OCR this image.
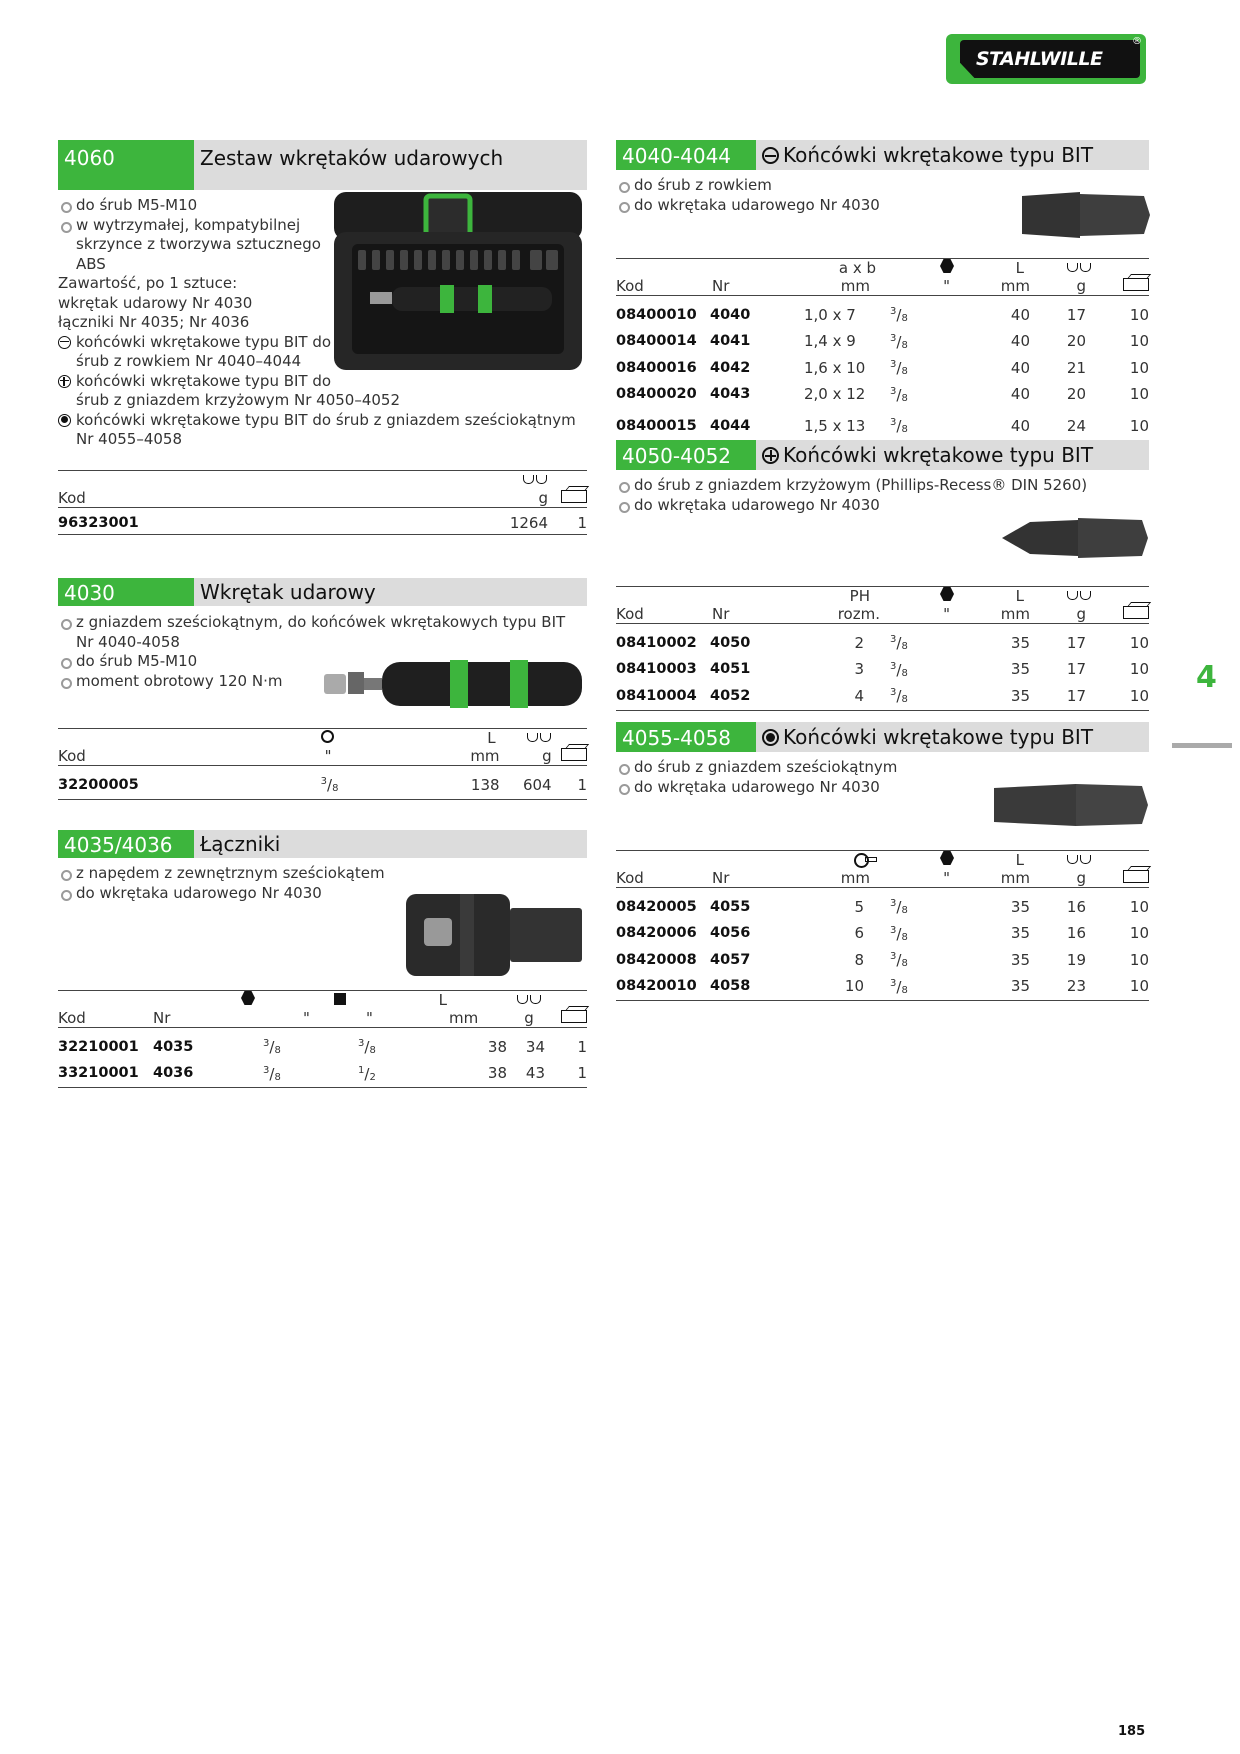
STAHLWILLE
®
4060	Zestaw wkrętaków udarowych
do śrub M5-M10
w wytrzymałej, kompatybilnej
skrzynce z tworzywa sztucznego
ABS
Zawartość, po 1 sztuce:
wkrętak udarowy Nr 4030
łączniki Nr 4035; Nr 4036
końcówki wkrętakowe typu BIT do
śrub z rowkiem Nr 4040–4044
końcówki wkrętakowe typu BIT do
śrub z gniazdem krzyżowym Nr 4050–4052
końcówki wkrętakowe typu BIT do śrub z gniazdem sześciokątnym
Nr 4055–4058

Kod	g	
96323001	1264	1
4030	Wkrętak udarowy
z gniazdem sześciokątnym, do końcówek wkrętakowych typu BIT
Nr 4040-4058
do śrub M5-M10
moment obrotowy 120 N·m
		L		
Kod	"	mm	g	
32200005	$^3/_8$	138	604	1
4035/4036	Łączniki
z napędem z zewnętrznym sześciokątem
do wkrętaka udarowego Nr 4030
			L			
Kod	Nr	"	"	mm	g	
32210001	4035	$^3/_8$	$^3/_8$	38	34	1
33210001	4036	$^3/_8$	$^1/_2$	38	43	1
4040-4044	Końcówki wkrętakowe typu BIT
do śrub z rowkiem
do wkrętaka udarowego Nr 4030
		a x b		L		
Kod	Nr	mm	"	mm	g	
08400010	4040	1,0 x 7	$^3/_8$	40	17	10
08400014	4041	1,4 x 9	$^3/_8$	40	20	10
08400016	4042	1,6 x 10	$^3/_8$	40	21	10
08400020	4043	2,0 x 12	$^3/_8$	40	20	10
08400015	4044	1,5 x 13	$^3/_8$	40	24	10
4050-4052	Końcówki wkrętakowe typu BIT
do śrub z gniazdem krzyżowym (Phillips-Recess® DIN 5260)
do wkrętaka udarowego Nr 4030
		PH		L		
Kod	Nr	rozm.	"	mm	g	
08410002	4050	2	$^3/_8$	35	17	10
08410003	4051	3	$^3/_8$	35	17	10
08410004	4052	4	$^3/_8$	35	17	10
4055-4058	Końcówki wkrętakowe typu BIT
do śrub z gniazdem sześciokątnym
do wkrętaka udarowego Nr 4030
				L		
Kod	Nr	mm	"	mm	g	
08420005	4055	5	$^3/_8$	35	16	10
08420006	4056	6	$^3/_8$	35	16	10
08420008	4057	8	$^3/_8$	35	19	10
08420010	4058	10	$^3/_8$	35	23	10
4
185
